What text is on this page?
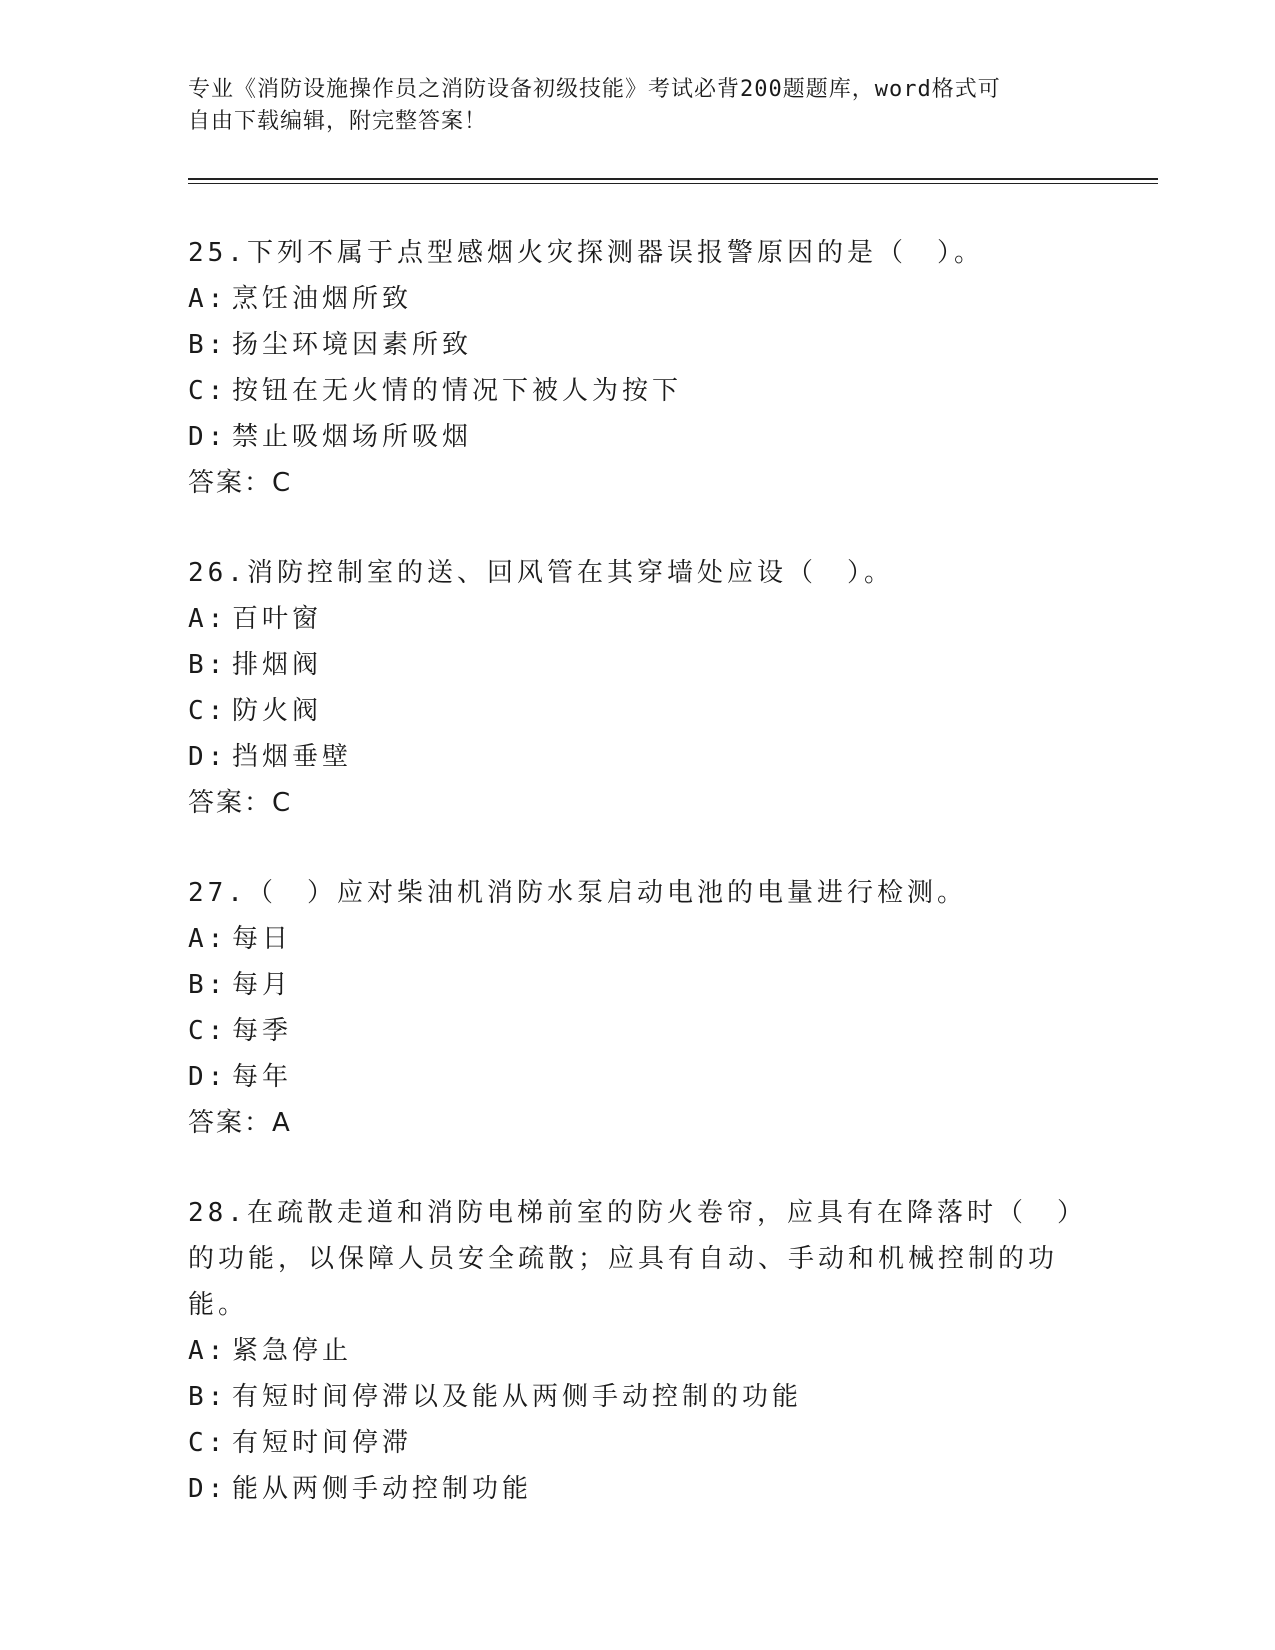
专业《消防设施操作员之消防设备初级技能》考试必背200题题库，word格式可
自由下载编辑，附完整答案！
25.下列不属于点型感烟火灾探测器误报警原因的是（　）。
A: 烹饪油烟所致
B: 扬尘环境因素所致
C: 按钮在无火情的情况下被人为按下
D: 禁止吸烟场所吸烟
答案：C
26.消防控制室的送、回风管在其穿墙处应设（　）。
A: 百叶窗
B: 排烟阀
C: 防火阀
D: 挡烟垂壁
答案：C
27.（　）应对柴油机消防水泵启动电池的电量进行检测。
A: 每日
B: 每月
C: 每季
D: 每年
答案：A
28.在疏散走道和消防电梯前室的防火卷帘，应具有在降落时（　）的功能，以保障人员安全疏散；应具有自动、手动和机械控制的功能。
A: 紧急停止
B: 有短时间停滞以及能从两侧手动控制的功能
C: 有短时间停滞
D: 能从两侧手动控制功能
